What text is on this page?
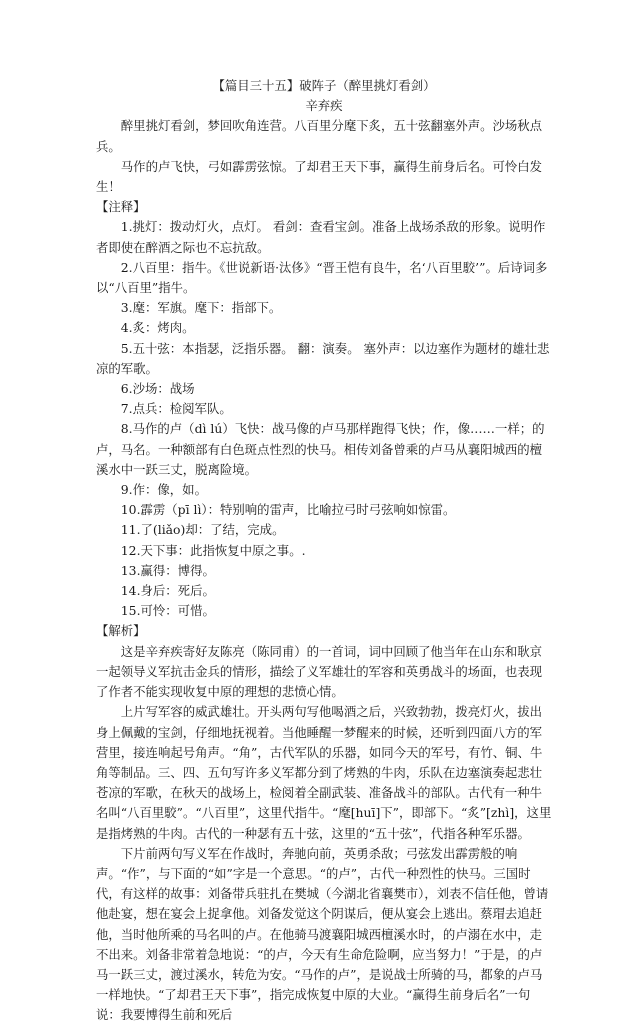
【篇目三十五】破阵子（醉里挑灯看剑）

辛弃疾

醉里挑灯看剑，梦回吹角连营。八百里分麾下炙，五十弦翻塞外声。沙场秋点兵。

马作的卢飞快，弓如霹雳弦惊。了却君王天下事，赢得生前身后名。可怜白发生！

【注释】

1.挑灯：拨动灯火，点灯。 看剑：查看宝剑。准备上战场杀敌的形象。说明作者即使在醉酒之际也不忘抗敌。

2.八百里：指牛。《世说新语·汰侈》“晋王恺有良牛，名‘八百里駮’”。后诗词多以“八百里”指牛。

3.麾：军旗。麾下：指部下。

4.炙：烤肉。

5.五十弦：本指瑟，泛指乐器。 翻：演奏。 塞外声：以边塞作为题材的雄壮悲凉的军歌。

6.沙场：战场

7.点兵：检阅军队。

8.马作的卢（dì lú）飞快：战马像的卢马那样跑得飞快；作，像……一样；的卢，马名。一种额部有白色斑点性烈的快马。相传刘备曾乘的卢马从襄阳城西的檀溪水中一跃三丈，脱离险境。

9.作：像，如。

10.霹雳（pī lì）：特别响的雷声，比喻拉弓时弓弦响如惊雷。

11.了(liǎo)却：了结，完成。

12.天下事：此指恢复中原之事。.

13.赢得：博得。

14.身后：死后。

15.可怜：可惜。

【解析】

这是辛弃疾寄好友陈亮（陈同甫）的一首词，词中回顾了他当年在山东和耿京一起领导义军抗击金兵的情形，描绘了义军雄壮的军容和英勇战斗的场面，也表现了作者不能实现收复中原的理想的悲愤心情。

上片写军容的威武雄壮。开头两句写他喝酒之后，兴致勃勃，拨亮灯火，拔出身上佩戴的宝剑，仔细地抚视着。当他睡醒一梦醒来的时候，还听到四面八方的军营里，接连响起号角声。“角”，古代军队的乐器，如同今天的军号，有竹、铜、牛角等制品。三、四、五句写许多义军都分到了烤熟的牛肉，乐队在边塞演奏起悲壮苍凉的军歌，在秋天的战场上，检阅着全副武装、准备战斗的部队。古代有一种牛名叫“八百里駮”。“八百里”，这里代指牛。“麾[huī]下”，即部下。“炙”[zhì]，这里是指烤熟的牛肉。古代的一种瑟有五十弦，这里的“五十弦”，代指各种军乐器。

下片前两句写义军在作战时，奔驰向前，英勇杀敌；弓弦发出霹雳般的响声。“作”，与下面的“如”字是一个意思。“的卢”，古代一种烈性的快马。三国时代，有这样的故事：刘备带兵驻扎在樊城（今湖北省襄樊市），刘表不信任他，曾请他赴宴，想在宴会上捉拿他。刘备发觉这个阴谋后，便从宴会上逃出。蔡瑁去追赶他，当时他所乘的马名叫的卢。在他骑马渡襄阳城西檀溪水时，的卢溺在水中，走不出来。刘备非常着急地说：“的卢，今天有生命危险啊，应当努力！”于是，的卢马一跃三丈，渡过溪水，转危为安。“马作的卢”，是说战士所骑的马，都象的卢马一样地快。“了却君王天下事”，指完成恢复中原的大业。“赢得生前身后名”一句说：我要博得生前和死后
